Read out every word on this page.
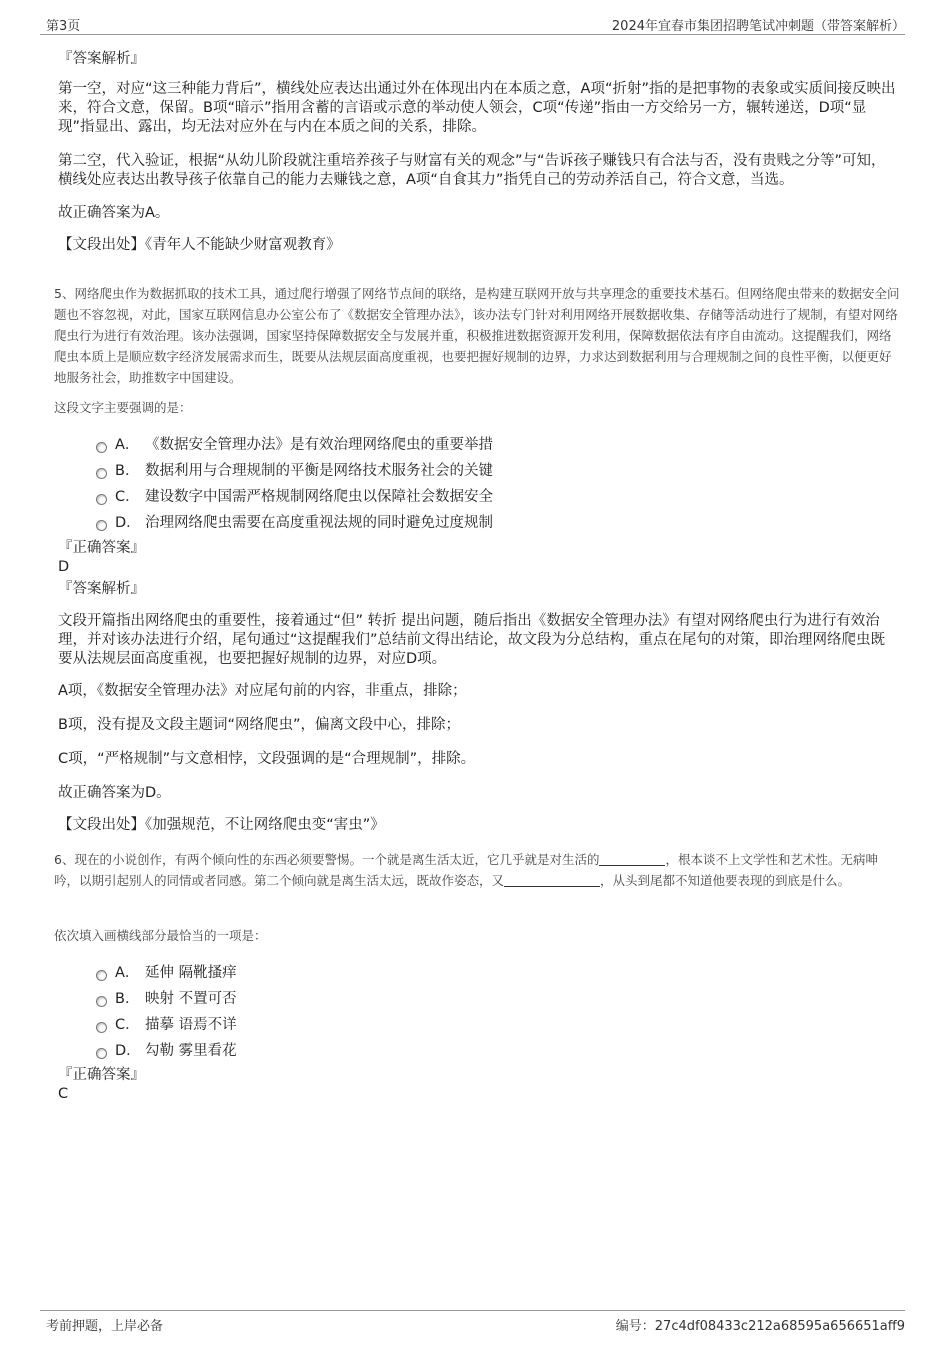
第3页	2024年宜春市集团招聘笔试冲刺题（带答案解析）
『答案解析』
第一空，对应“这三种能力背后”，横线处应表达出通过外在体现出内在本质之意，A项“折射”指的是把事物的表象或实质间接反映出来，符合文意，保留。B项“暗示”指用含蓄的言语或示意的举动使人领会，C项“传递”指由一方交给另一方，辗转递送，D项“显现”指显出、露出，均无法对应外在与内在本质之间的关系，排除。
第二空，代入验证，根据“从幼儿阶段就注重培养孩子与财富有关的观念”与“告诉孩子赚钱只有合法与否，没有贵贱之分等”可知，横线处应表达出教导孩子依靠自己的能力去赚钱之意，A项“自食其力”指凭自己的劳动养活自己，符合文意，当选。
故正确答案为A。
【文段出处】《青年人不能缺少财富观教育》
5、网络爬虫作为数据抓取的技术工具，通过爬行增强了网络节点间的联络，是构建互联网开放与共享理念的重要技术基石。但网络爬虫带来的数据安全问题也不容忽视，对此，国家互联网信息办公室公布了《数据安全管理办法》，该办法专门针对利用网络开展数据收集、存储等活动进行了规制，有望对网络爬虫行为进行有效治理。该办法强调，国家坚持保障数据安全与发展并重，积极推进数据资源开发利用，保障数据依法有序自由流动。这提醒我们，网络爬虫本质上是顺应数字经济发展需求而生，既要从法规层面高度重视，也要把握好规制的边界，力求达到数据利用与合理规制之间的良性平衡，以便更好地服务社会，助推数字中国建设。
这段文字主要强调的是：
A． 《数据安全管理办法》是有效治理网络爬虫的重要举措
B． 数据利用与合理规制的平衡是网络技术服务社会的关键
C． 建设数字中国需严格规制网络爬虫以保障社会数据安全
D． 治理网络爬虫需要在高度重视法规的同时避免过度规制
『正确答案』
D
『答案解析』
文段开篇指出网络爬虫的重要性，接着通过“但” 转折 提出问题，随后指出《数据安全管理办法》有望对网络爬虫行为进行有效治理，并对该办法进行介绍，尾句通过“这提醒我们”总结前文得出结论，故文段为分总结构，重点在尾句的对策，即治理网络爬虫既要从法规层面高度重视，也要把握好规制的边界，对应D项。
A项，《数据安全管理办法》对应尾句前的内容，非重点，排除；
B项，没有提及文段主题词“网络爬虫”，偏离文段中心，排除；
C项，“严格规制”与文意相悖，文段强调的是“合理规制”，排除。
故正确答案为D。
【文段出处】《加强规范，不让网络爬虫变“害虫”》
6、现在的小说创作，有两个倾向性的东西必须要警惕。一个就是离生活太近，它几乎就是对生活的	，根本谈不上文学性和艺术性。无病呻吟，以期引起别人的同情或者同感。第二个倾向就是离生活太远，既故作姿态，又	，从头到尾都不知道他要表现的到底是什么。
依次填入画横线部分最恰当的一项是：
A． 延伸 隔靴搔痒
B． 映射 不置可否
C． 描摹 语焉不详
D． 勾勒 雾里看花
『正确答案』
C
考前押题，上岸必备	编号：27c4df08433c212a68595a656651aff9
